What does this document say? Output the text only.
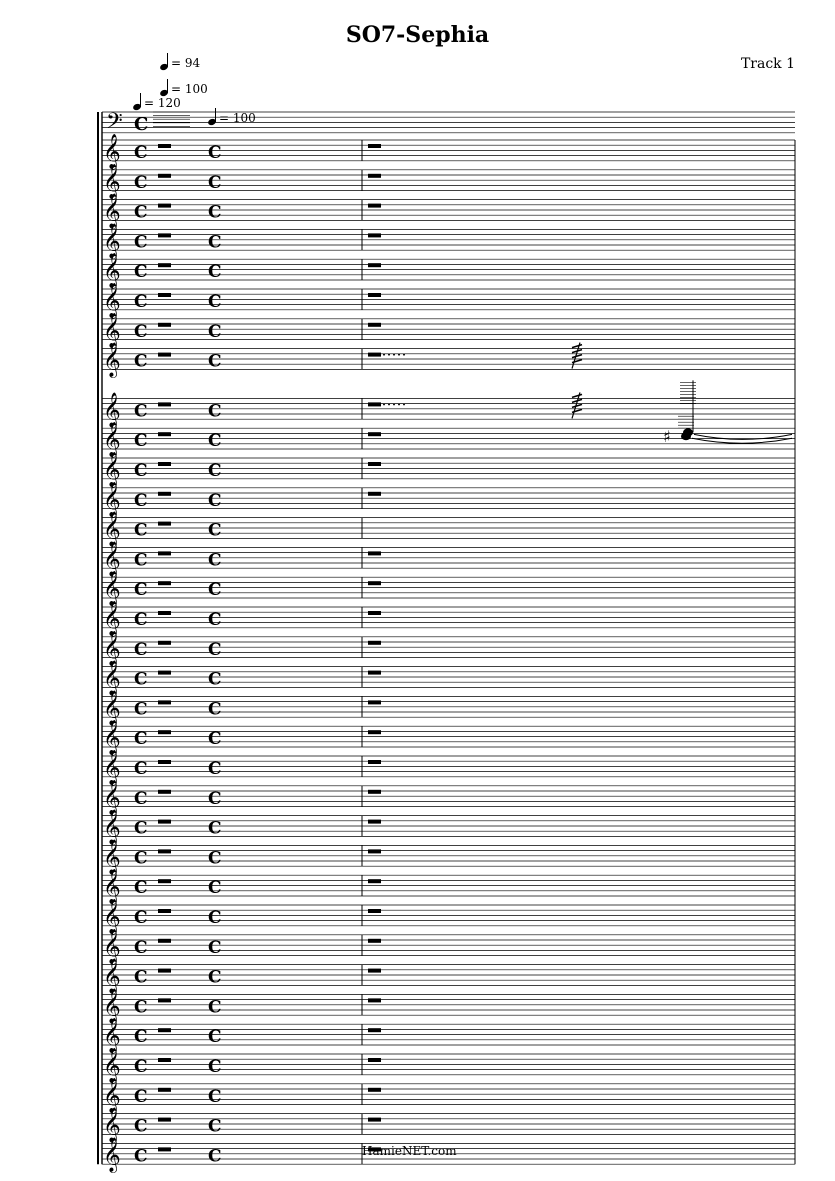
SO7-Sephia
Track 1
= 94
= 100
= 120
= 100
𝄢 C
𝄞 C	C
𝄞 C	C
𝄞 C	C
𝄞 C	C
𝄞 C	C
𝄞 C	C
𝄞 C	C
𝄞 C	C
𝄞 C	C
𝄞 C	C
𝄞 C	C
𝄞 C	C
𝄞 C	C
𝄞 C	C
𝄞 C	C
𝄞 C	C
𝄞 C	C
𝄞 C	C
𝄞 C	C
𝄞 C	C
𝄞 C	C
𝄞 C	C
𝄞 C	C
𝄞 C	C
𝄞 C	C
𝄞 C	C
𝄞 C	C
𝄞 C	C
𝄞 C	C
𝄞 C	C
𝄞 C	C
𝄞 C	C
𝄞 C	C
𝄞 C	C
♯
HamieNET.com
